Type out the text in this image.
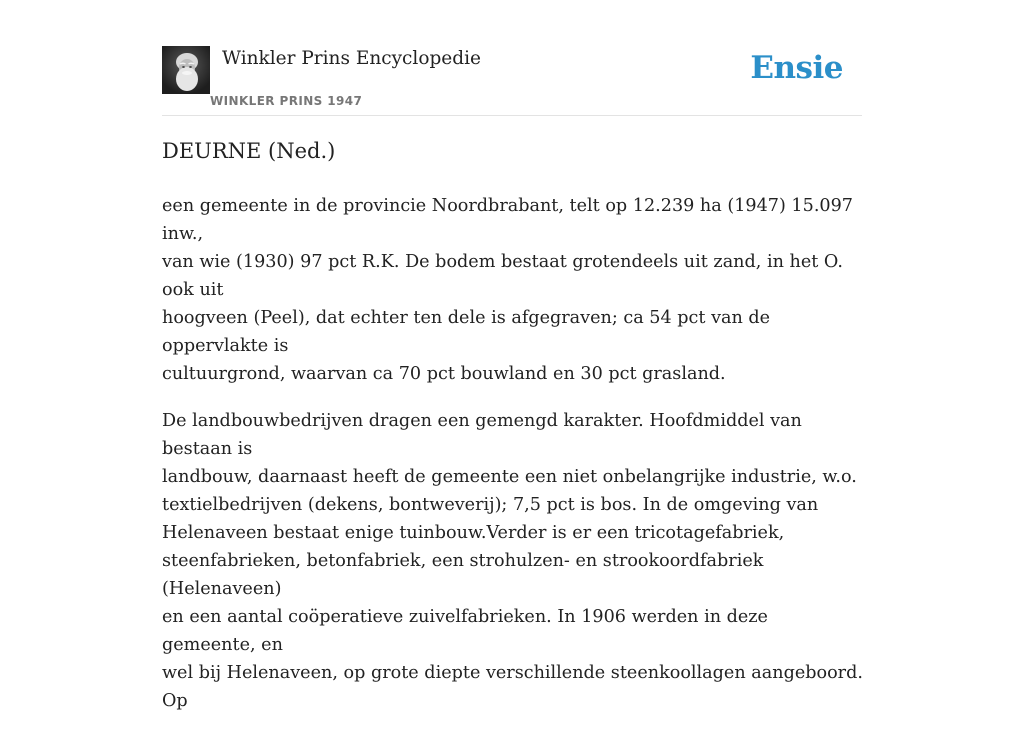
Winkler Prins Encyclopedie
WINKLER PRINS 1947
Ensie
DEURNE (Ned.)

een gemeente in de provincie Noordbrabant, telt op 12.239 ha (1947) 15.097 inw.,
van wie (1930) 97 pct R.K. De bodem bestaat grotendeels uit zand, in het O. ook uit
hoogveen (Peel), dat echter ten dele is afgegraven; ca 54 pct van de oppervlakte is
cultuurgrond, waarvan ca 70 pct bouwland en 30 pct grasland.

De landbouwbedrijven dragen een gemengd karakter. Hoofdmiddel van bestaan is
landbouw, daarnaast heeft de gemeente een niet onbelangrijke industrie, w.o.
textielbedrijven (dekens, bontweverij); 7,5 pct is bos. In de omgeving van
Helenaveen bestaat enige tuinbouw.Verder is er een tricotagefabriek,
steenfabrieken, betonfabriek, een strohulzen- en strookoordfabriek (Helenaveen)
en een aantal coöperatieve zuivelfabrieken. In 1906 werden in deze gemeente, en
wel bij Helenaveen, op grote diepte verschillende steenkoollagen aangeboord. Op
